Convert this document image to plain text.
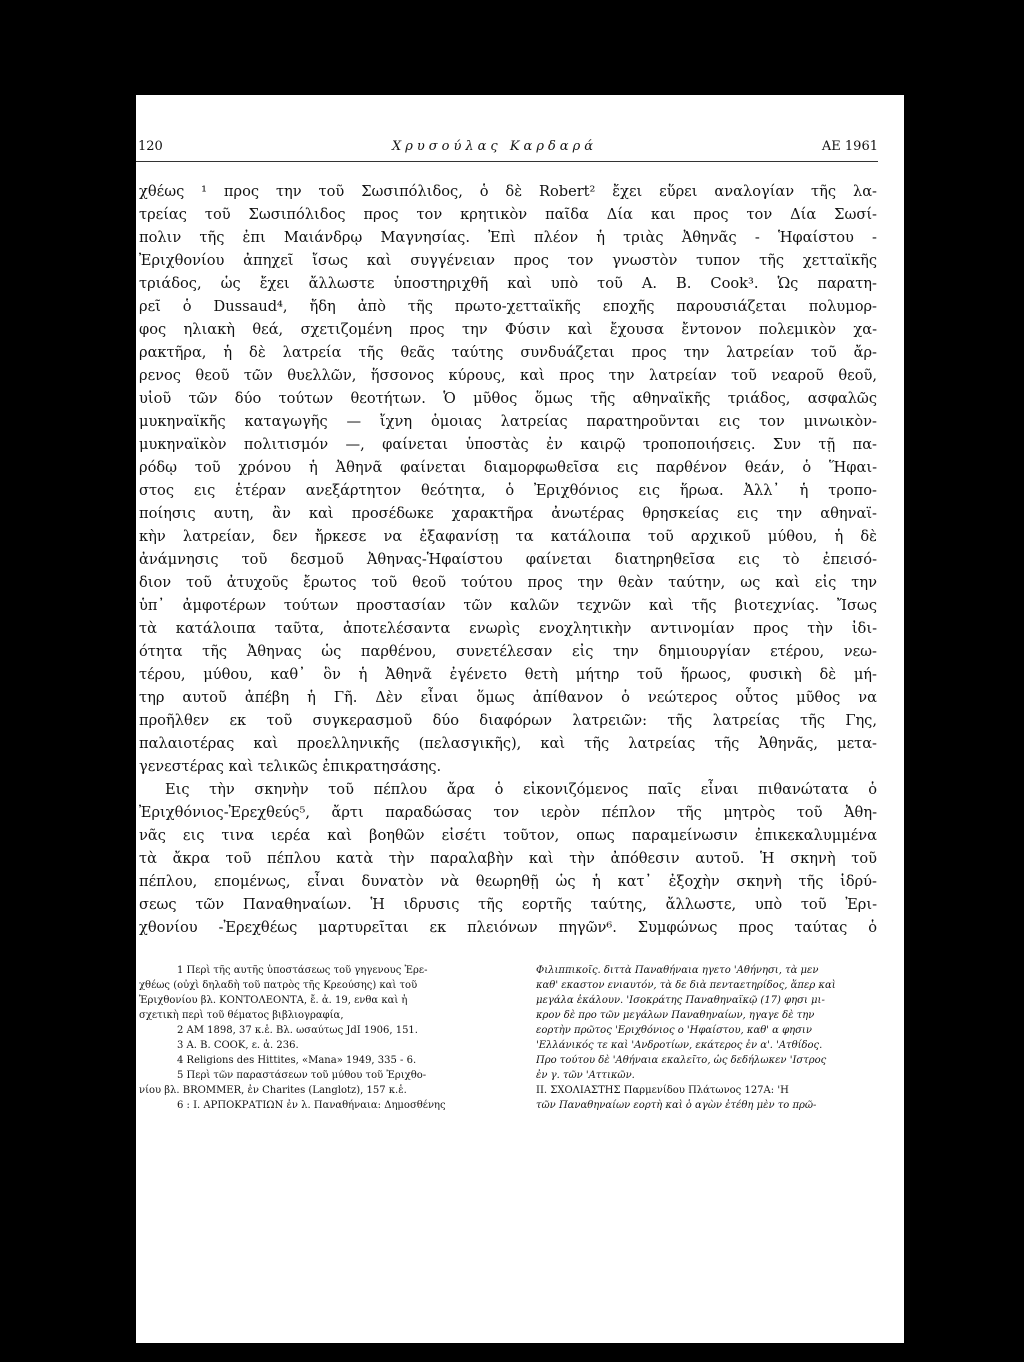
120	Χρυσούλας Καρδαρά	ΑΕ 1961
χθέως ¹ προς την τοῦ Σωσιπόλιδος, ὁ δὲ Robert² ἔχει εὕρει αναλογίαν τῆς λα-
τρείας τοῦ Σωσιπόλιδος προς τον κρητικὸν παῖδα Δία και προς τον Δία Σωσί-
πολιν τῆς ἐπι Μαιάνδρῳ Μαγνησίας. Ἐπὶ πλέον ἡ τριὰς Ἀθηνᾶς - Ἡφαίστου -
Ἐριχθονίου ἀπηχεῖ ἴσως καὶ συγγένειαν προς τον γνωστὸν τυπον τῆς χετταϊκῆς
τριάδος, ὡς ἔχει ἄλλωστε ὑποστηριχθῆ καὶ υπὸ τοῦ Α. Β. Cook³. Ὡς παρατη-
ρεῖ ὁ Dussaud⁴, ἤδη ἀπὸ τῆς πρωτο-χετταϊκῆς εποχῆς παρουσιάζεται πολυμορ-
φος ηλιακὴ θεά, σχετιζομένη προς την Φύσιν καὶ ἔχουσα ἔντονον πολεμικὸν χα-
ρακτῆρα, ἡ δὲ λατρεία τῆς θεᾶς ταύτης συνδυάζεται προς την λατρείαν τοῦ ἄρ-
ρενος θεοῦ τῶν θυελλῶν, ἥσσονος κύρους, καὶ προς την λατρείαν τοῦ νεαροῦ θεοῦ,
υἱοῦ τῶν δύο τούτων θεοτήτων. Ὁ μῦθος ὅμως τῆς αθηναϊκῆς τριάδος, ασφαλῶς
μυκηναϊκῆς καταγωγῆς — ἴχνη ὁμοιας λατρείας παρατηροῦνται εις τον μινωικὸν-
μυκηναϊκὸν πολιτισμόν —, φαίνεται ὑποστὰς ἐν καιρῷ τροποποιήσεις. Συν τῇ πα-
ρόδῳ τοῦ χρόνου ἡ Ἀθηνᾶ φαίνεται διαμορφωθεῖσα εις παρθένον θεάν, ὁ Ἥφαι-
στος εις ἑτέραν ανεξάρτητον θεότητα, ὁ Ἐριχθόνιος εις ἥρωα. Ἀλλ᾽ ἡ τροπο-
ποίησις αυτη, ἂν καὶ προσέδωκε χαρακτῆρα ἀνωτέρας θρησκείας εις την αθηναϊ-
κὴν λατρείαν, δεν ἤρκεσε να ἐξαφανίσῃ τα κατάλοιπα τοῦ αρχικοῦ μύθου, ἡ δὲ
ἀνάμνησις τοῦ δεσμοῦ Ἀθηνας-Ἡφαίστου φαίνεται διατηρηθεῖσα εις τὸ ἐπεισό-
διον τοῦ ἀτυχοῦς ἔρωτος τοῦ θεοῦ τούτου προς την θεὰν ταύτην, ως καὶ εἰς την
ὑπ᾽ ἀμφοτέρων τούτων προστασίαν τῶν καλῶν τεχνῶν καὶ τῆς βιοτεχνίας. Ἴσως
τὰ κατάλοιπα ταῦτα, ἀποτελέσαντα ενωρὶς ενοχλητικὴν αντινομίαν προς τὴν ἰδι-
ότητα τῆς Ἀθηνας ὡς παρθένου, συνετέλεσαν εἰς την δημιουργίαν ετέρου, νεω-
τέρου, μύθου, καθ᾽ ὃν ἡ Ἀθηνᾶ ἐγένετο θετὴ μήτηρ τοῦ ἥρωος, φυσικὴ δὲ μή-
τηρ αυτοῦ ἀπέβη ἡ Γῆ. Δὲν εἶναι ὅμως ἀπίθανον ὁ νεώτερος οὗτος μῦθος να
προῆλθεν εκ τοῦ συγκερασμοῦ δύο διαφόρων λατρειῶν: τῆς λατρείας τῆς Γης,
παλαιοτέρας καὶ προελληνικῆς (πελασγικῆς), καὶ τῆς λατρείας τῆς Ἀθηνᾶς, μετα-
γενεστέρας καὶ τελικῶς ἐπικρατησάσης.
Εις τὴν σκηνὴν τοῦ πέπλου ἄρα ὁ εἰκονιζόμενος παῖς εἶναι πιθανώτατα ὁ
Ἐριχθόνιος-Ἐρεχθεύς⁵, ἄρτι παραδώσας τον ιερὸν πέπλον τῆς μητρὸς τοῦ Ἀθη-
νᾶς εις τινα ιερέα καὶ βοηθῶν εἰσέτι τοῦτον, οπως παραμείνωσιν ἐπικεκαλυμμένα
τὰ ἄκρα τοῦ πέπλου κατὰ τὴν παραλαβὴν καὶ τὴν ἀπόθεσιν αυτοῦ. Ἡ σκηνὴ τοῦ
πέπλου, επομένως, εἶναι δυνατὸν νὰ θεωρηθῇ ὡς ἡ κατ᾽ ἐξοχὴν σκηνὴ τῆς ἱδρύ-
σεως τῶν Παναθηναίων. Ἡ ιδρυσις τῆς εορτῆς ταύτης, ἄλλωστε, υπὸ τοῦ Ἐρι-
χθονίου -Ἐρεχθέως μαρτυρεῖται εκ πλειόνων πηγῶν⁶. Συμφώνως προς ταύτας ὁ
1 Περὶ τῆς αυτῆς ὑποστάσεως τοῦ γηγενους Ἐρε-
χθέως (οὐχὶ δηλαδὴ τοῦ πατρὸς τῆς Κρεούσης) καὶ τοῦ
Ἐριχθονίου βλ. ΚΟΝΤΟΛΕΟΝΤΑ, ἔ. ἀ. 19, ενθα καὶ ἡ
σχετικὴ περὶ τοῦ θέματος βιβλιογραφία,
2 AM 1898, 37 κ.ἑ. Βλ. ωσαύτως JdI 1906, 151.
3 A. B. COOK, ε. ἀ. 236.
4 Religions des Hittites, «Mana» 1949, 335 - 6.
5 Περὶ τῶν παραστάσεων τοῦ μύθου τοῦ Ἐριχθο-
νίου βλ. BROMMER, ἐν Charites (Langlotz), 157 κ.ἑ.
6 : Ι. ΑΡΠΟΚΡΑΤΙΩΝ ἐν λ. Παναθήναια: Δημοσθένης
Φιλιππικοῖς. διττὰ Παναθήναια ηγετο 'Αθήνησι, τὰ μεν
καθ' εκαστον ενιαυτόν, τὰ δε διὰ πενταετηρίδος, ἅπερ καὶ
μεγάλα ἐκάλουν. 'Ισοκράτης Παναθηναϊκῷ (17) φησι μι-
κρον δὲ προ τῶν μεγάλων Παναθηναίων, ηγαγε δὲ την
εορτὴν πρῶτος 'Εριχθόνιος ο 'Ηφαίστου, καθ' α φησιν
'Ελλάνικός τε καὶ 'Ανδροτίων, εκάτερος ἐν α'. 'Ατθίδος.
Προ τούτου δὲ 'Αθήναια εκαλεῖτο, ὡς δεδήλωκεν 'Ιστρος
ἐν γ. τῶν 'Αττικῶν.
ΙΙ. ΣΧΟΛΙΑΣΤΗΣ Παρμενίδου Πλάτωνος 127A: 'Η
τῶν Παναθηναίων εορτὴ καὶ ὁ αγὼν ἐτέθη μὲν το πρῶ-
